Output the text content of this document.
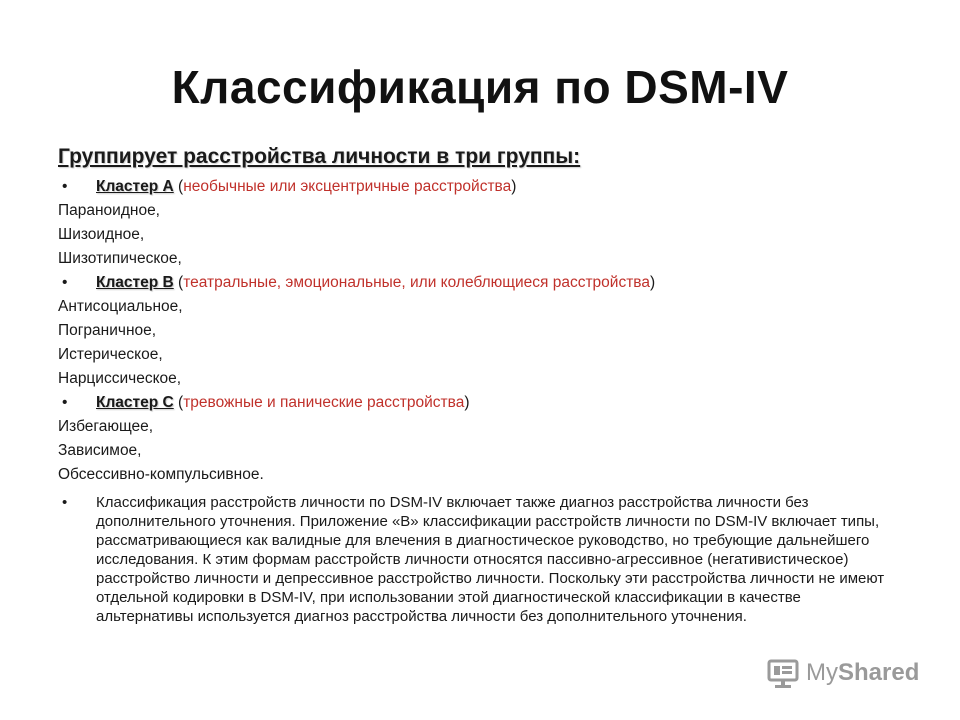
Классификация по DSM-IV
Группирует расстройства личности в три группы:
• Кластер А (необычные или эксцентричные расстройства)
Параноидное,
Шизоидное,
Шизотипическое,
• Кластер B (театральные, эмоциональные, или колеблющиеся расстройства)
Антисоциальное,
Пограничное,
Истерическое,
Нарциссическое,
• Кластер C (тревожные и панические расстройства)
Избегающее,
Зависимое,
Обсессивно-компульсивное.
• Классификация расстройств личности по DSM-IV включает также диагноз расстройства личности без дополнительного уточнения. Приложение «В» классификации расстройств личности по DSM-IV включает типы, рассматривающиеся как валидные для влечения в диагностическое руководство, но требующие дальнейшего исследования. К этим формам расстройств личности относятся пассивно-агрессивное (негативистическое) расстройство личности и депрессивное расстройство личности. Поскольку эти расстройства личности не имеют отдельной кодировки в DSM-IV, при использовании этой диагностической классификации в качестве альтернативы используется диагноз расстройства личности без дополнительного уточнения.
MyShared
